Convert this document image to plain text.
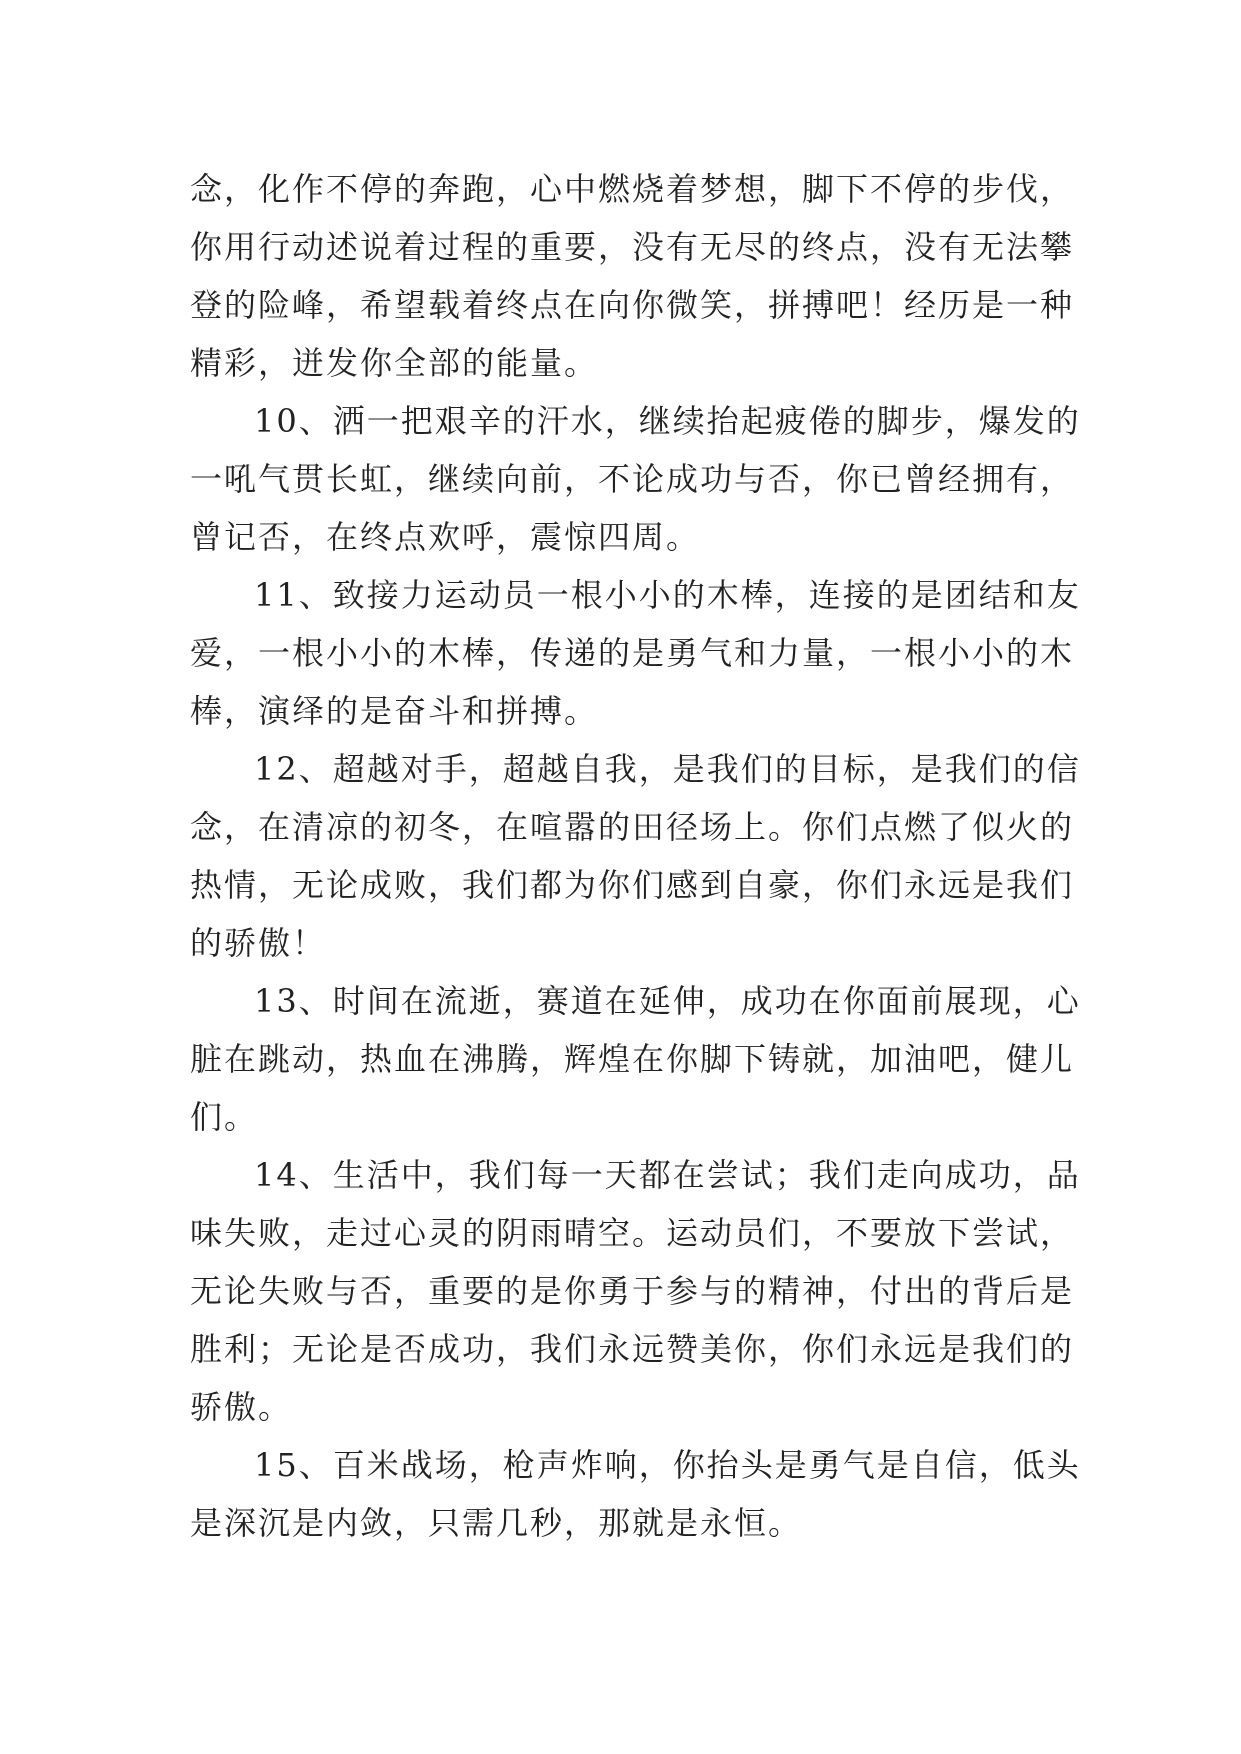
念，化作不停的奔跑，心中燃烧着梦想，脚下不停的步伐，
你用行动述说着过程的重要，没有无尽的终点，没有无法攀
登的险峰，希望载着终点在向你微笑，拼搏吧！经历是一种
精彩，迸发你全部的能量。
10、洒一把艰辛的汗水，继续抬起疲倦的脚步，爆发的
一吼气贯长虹，继续向前，不论成功与否，你已曾经拥有，
曾记否，在终点欢呼，震惊四周。
11、致接力运动员一根小小的木棒，连接的是团结和友
爱，一根小小的木棒，传递的是勇气和力量，一根小小的木
棒，演绎的是奋斗和拼搏。
12、超越对手，超越自我，是我们的目标，是我们的信
念，在清凉的初冬，在喧嚣的田径场上。你们点燃了似火的
热情，无论成败，我们都为你们感到自豪，你们永远是我们
的骄傲！
13、时间在流逝，赛道在延伸，成功在你面前展现，心
脏在跳动，热血在沸腾，辉煌在你脚下铸就，加油吧，健儿
们。
14、生活中，我们每一天都在尝试；我们走向成功，品
味失败，走过心灵的阴雨晴空。运动员们，不要放下尝试，
无论失败与否，重要的是你勇于参与的精神，付出的背后是
胜利；无论是否成功，我们永远赞美你，你们永远是我们的
骄傲。
15、百米战场，枪声炸响，你抬头是勇气是自信，低头
是深沉是内敛，只需几秒，那就是永恒。
